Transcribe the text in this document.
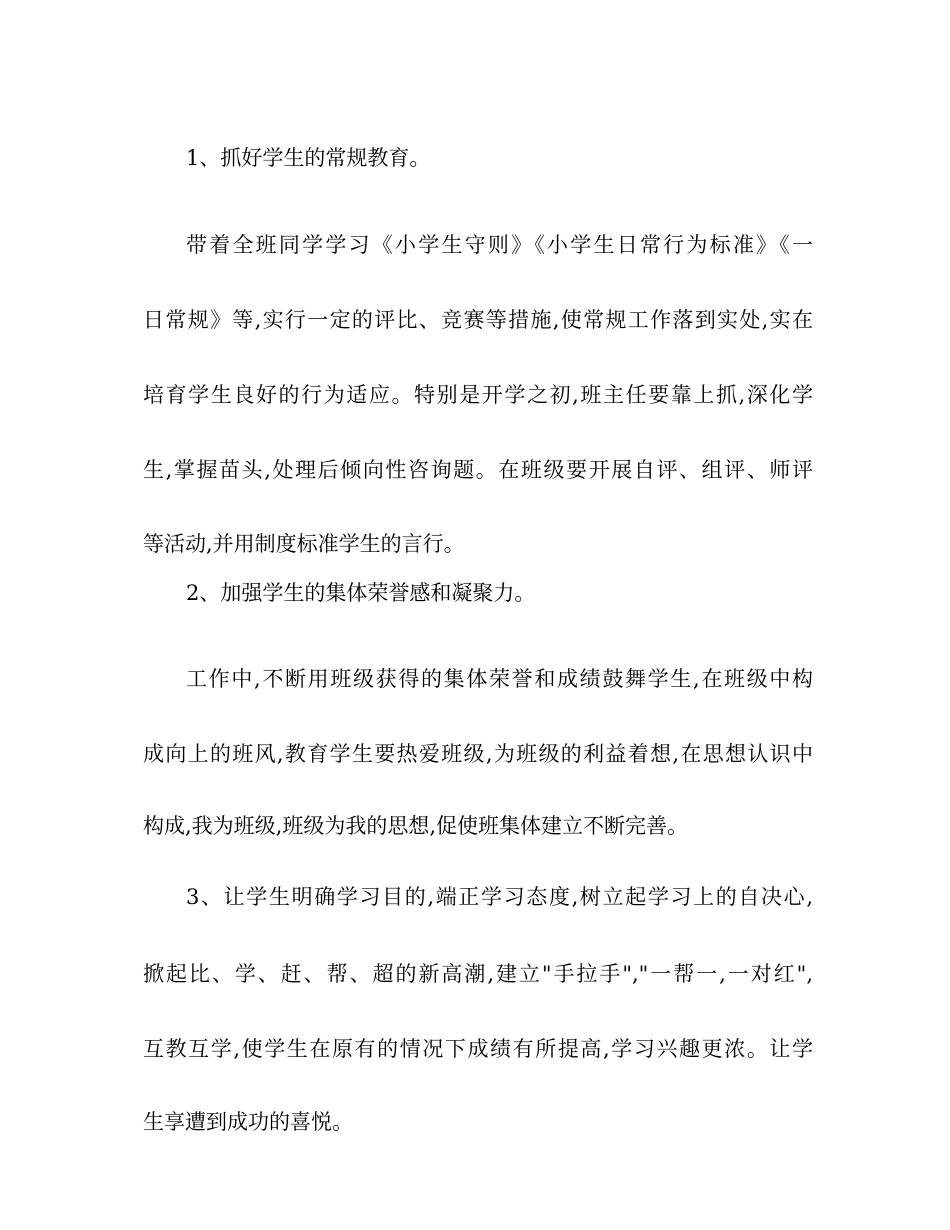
1、抓好学生的常规教育。
带着全班同学学习《小学生守则》《小学生日常行为标准》《一
日常规》等,实行一定的评比、竞赛等措施,使常规工作落到实处,实在
培育学生良好的行为适应。特别是开学之初,班主任要靠上抓,深化学
生,掌握苗头,处理后倾向性咨询题。在班级要开展自评、组评、师评
等活动,并用制度标准学生的言行。
2、加强学生的集体荣誉感和凝聚力。
工作中,不断用班级获得的集体荣誉和成绩鼓舞学生,在班级中构
成向上的班风,教育学生要热爱班级,为班级的利益着想,在思想认识中
构成,我为班级,班级为我的思想,促使班集体建立不断完善。
3、让学生明确学习目的,端正学习态度,树立起学习上的自决心,
掀起比、学、赶、帮、超的新高潮,建立"手拉手","一帮一,一对红",
互教互学,使学生在原有的情况下成绩有所提高,学习兴趣更浓。让学
生享遭到成功的喜悦。
